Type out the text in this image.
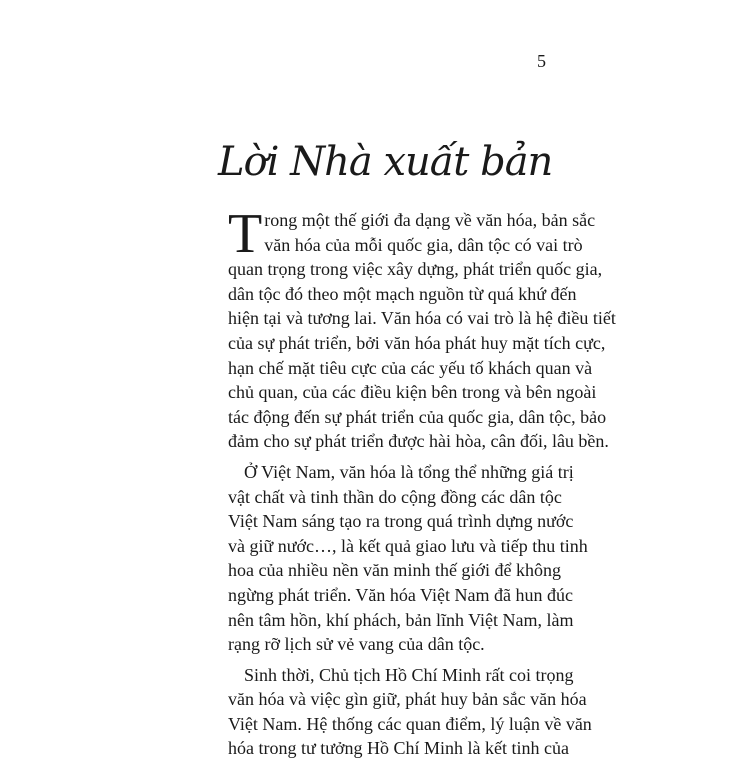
5
Lời Nhà xuất bản
T rong một thế giới đa dạng về văn hóa, bản sắc
văn hóa của mỗi quốc gia, dân tộc có vai trò
quan trọng trong việc xây dựng, phát triển quốc gia,
dân tộc đó theo một mạch nguồn từ quá khứ đến
hiện tại và tương lai. Văn hóa có vai trò là hệ điều tiết
của sự phát triển, bởi văn hóa phát huy mặt tích cực,
hạn chế mặt tiêu cực của các yếu tố khách quan và
chủ quan, của các điều kiện bên trong và bên ngoài
tác động đến sự phát triển của quốc gia, dân tộc, bảo
đảm cho sự phát triển được hài hòa, cân đối, lâu bền.
Ở Việt Nam, văn hóa là tổng thể những giá trị
vật chất và tinh thần do cộng đồng các dân tộc
Việt Nam sáng tạo ra trong quá trình dựng nước
và giữ nước…, là kết quả giao lưu và tiếp thu tinh
hoa của nhiều nền văn minh thế giới để không
ngừng phát triển. Văn hóa Việt Nam đã hun đúc
nên tâm hồn, khí phách, bản lĩnh Việt Nam, làm
rạng rỡ lịch sử vẻ vang của dân tộc.
Sinh thời, Chủ tịch Hồ Chí Minh rất coi trọng
văn hóa và việc gìn giữ, phát huy bản sắc văn hóa
Việt Nam. Hệ thống các quan điểm, lý luận về văn
hóa trong tư tưởng Hồ Chí Minh là kết tinh của
